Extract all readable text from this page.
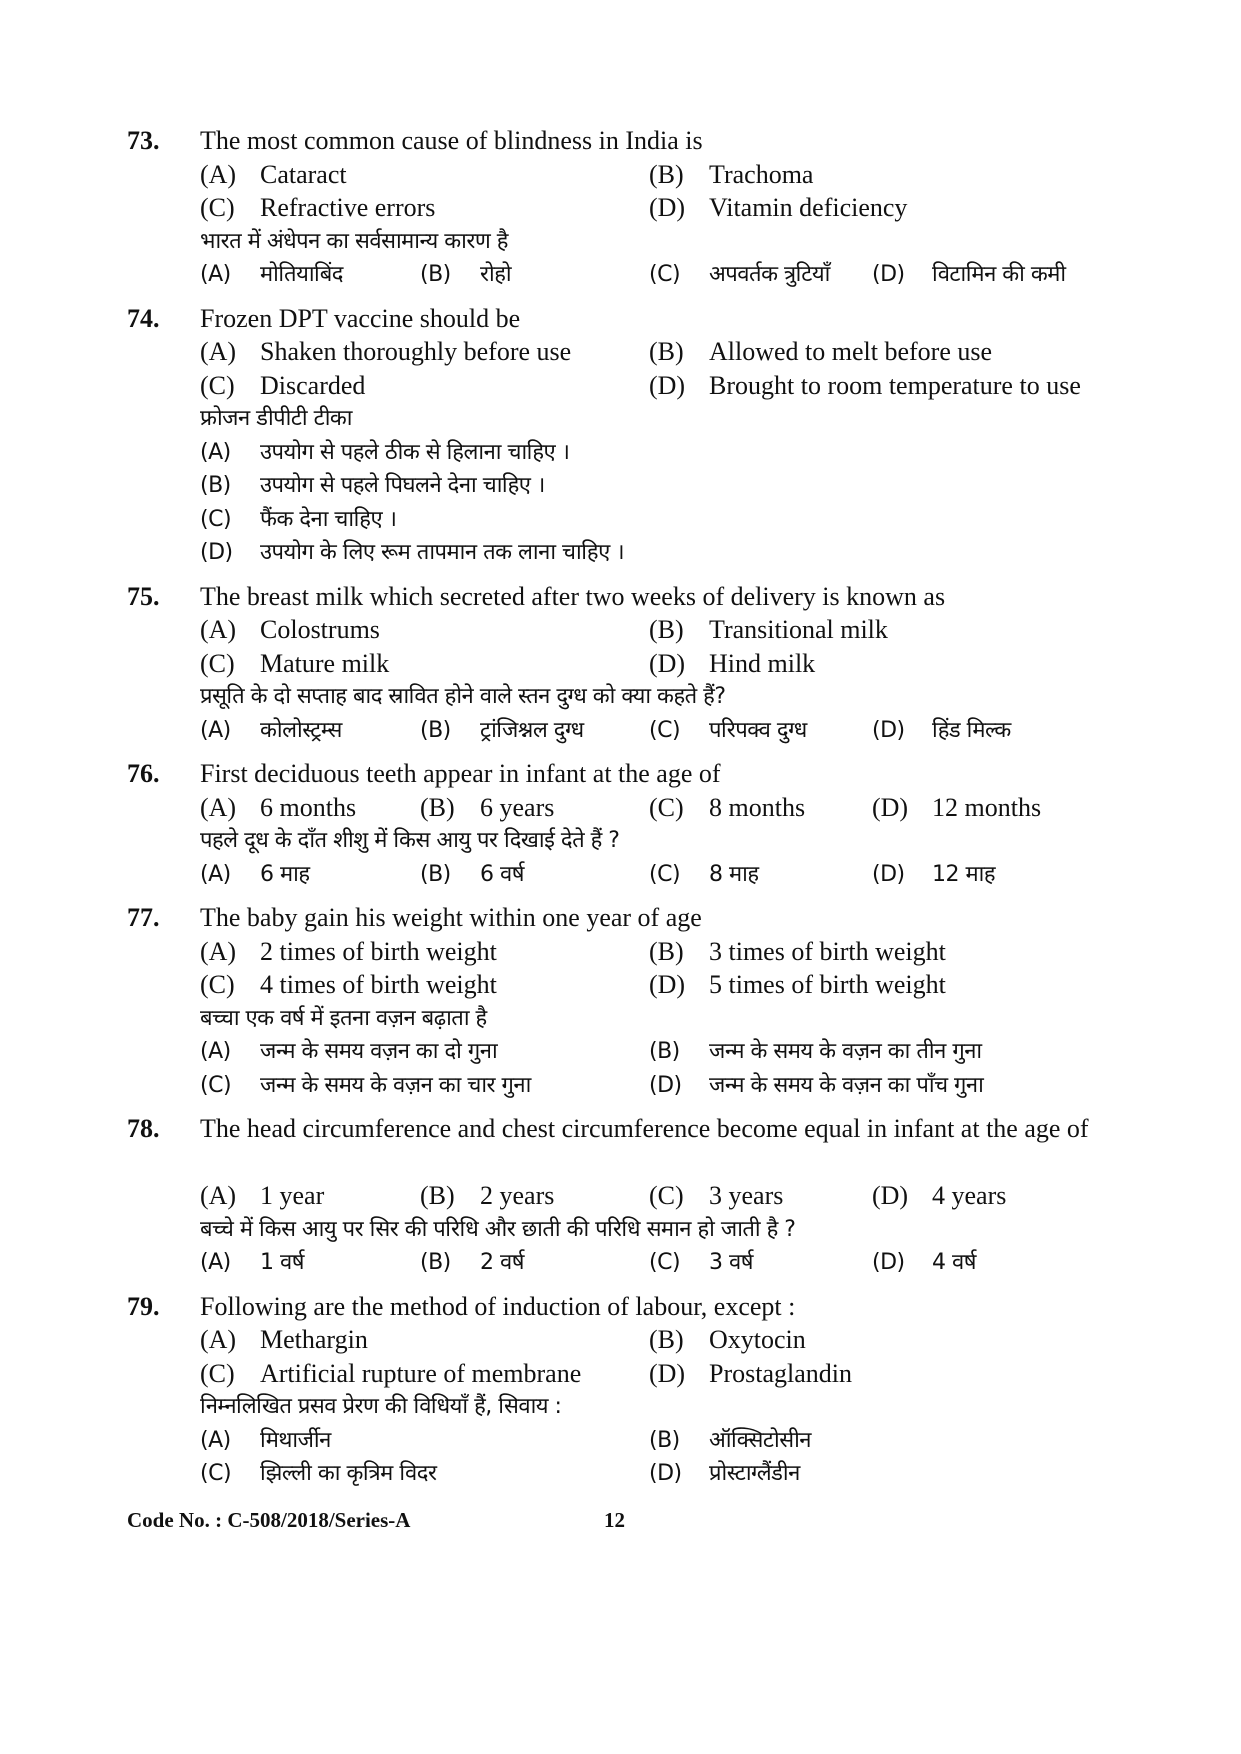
73. The most common cause of blindness in India is
(A) Cataract	(B) Trachoma
(C) Refractive errors	(D) Vitamin deficiency
भारत में अंधेपन का सर्वसामान्य कारण है
(A) मोतियाबिंद	(B) रोहो	(C) अपवर्तक त्रुटियाँ (D) विटामिन की कमी
74. Frozen DPT vaccine should be
(A) Shaken thoroughly before use	(B) Allowed to melt before use
(C) Discarded	(D) Brought to room temperature to use
फ्रोजन डीपीटी टीका
(A) उपयोग से पहले ठीक से हिलाना चाहिए ।
(B) उपयोग से पहले पिघलने देना चाहिए ।
(C) फैंक देना चाहिए ।
(D) उपयोग के लिए रूम तापमान तक लाना चाहिए ।
75. The breast milk which secreted after two weeks of delivery is known as
(A) Colostrums	(B) Transitional milk
(C) Mature milk	(D) Hind milk
प्रसूति के दो सप्ताह बाद स्रावित होने वाले स्तन दुग्ध को क्या कहते हैं?
(A) कोलोस्ट्रम्स	(B) ट्रांजिश्नल दुग्ध	(C) परिपक्व दुग्ध	(D) हिंड मिल्क
76. First deciduous teeth appear in infant at the age of
(A) 6 months (B) 6 years	(C) 8 months	(D) 12 months
पहले दूध के दाँत शीशु में किस आयु पर दिखाई देते हैं ?
(A) 6 माह	(B) 6 वर्ष	(C) 8 माह	(D) 12 माह
77. The baby gain his weight within one year of age
(A) 2 times of birth weight	(B) 3 times of birth weight
(C) 4 times of birth weight	(D) 5 times of birth weight
बच्चा एक वर्ष में इतना वज़न बढ़ाता है
(A) जन्म के समय वज़न का दो गुना	(B) जन्म के समय के वज़न का तीन गुना
(C) जन्म के समय के वज़न का चार गुना	(D) जन्म के समय के वज़न का पाँच गुना
78. The head circumference and chest circumference become equal in infant at the age of
(A) 1 year	(B) 2 years	(C) 3 years	(D) 4 years
बच्चे में किस आयु पर सिर की परिधि और छाती की परिधि समान हो जाती है ?
(A) 1 वर्ष	(B) 2 वर्ष	(C) 3 वर्ष	(D) 4 वर्ष
79. Following are the method of induction of labour, except :
(A) Methargin	(B) Oxytocin
(C) Artificial rupture of membrane	(D) Prostaglandin
निम्नलिखित प्रसव प्रेरण की विधियाँ हैं, सिवाय :
(A) मिथार्जीन	(B) ऑक्सिटोसीन
(C) झिल्ली का कृत्रिम विदर	(D) प्रोस्टाग्लैंडीन
Code No. : C-508/2018/Series-A	12
